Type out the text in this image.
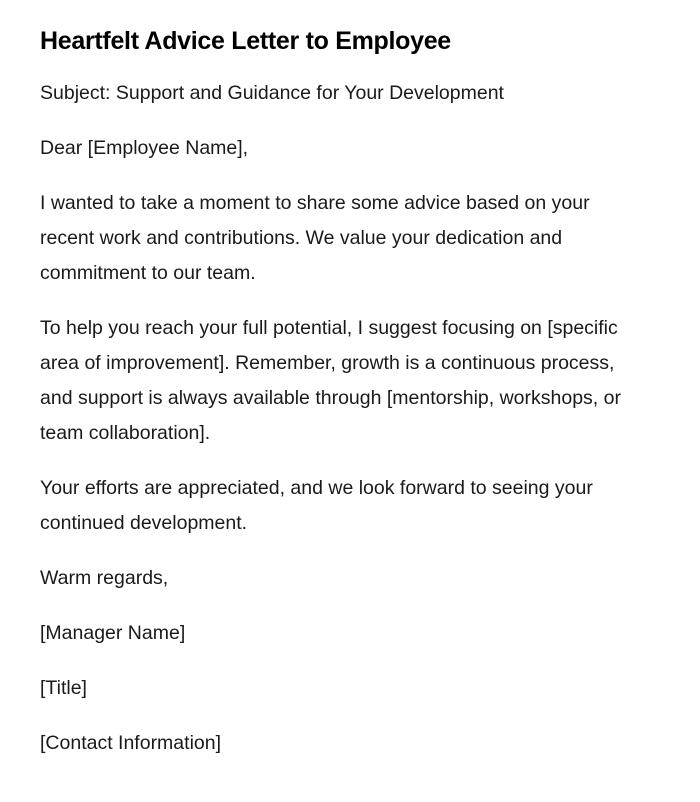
Heartfelt Advice Letter to Employee

Subject: Support and Guidance for Your Development

Dear [Employee Name],

I wanted to take a moment to share some advice based on your recent work and contributions. We value your dedication and commitment to our team.

To help you reach your full potential, I suggest focusing on [specific area of improvement]. Remember, growth is a continuous process, and support is always available through [mentorship, workshops, or team collaboration].

Your efforts are appreciated, and we look forward to seeing your continued development.

Warm regards,

[Manager Name]

[Title]

[Contact Information]
